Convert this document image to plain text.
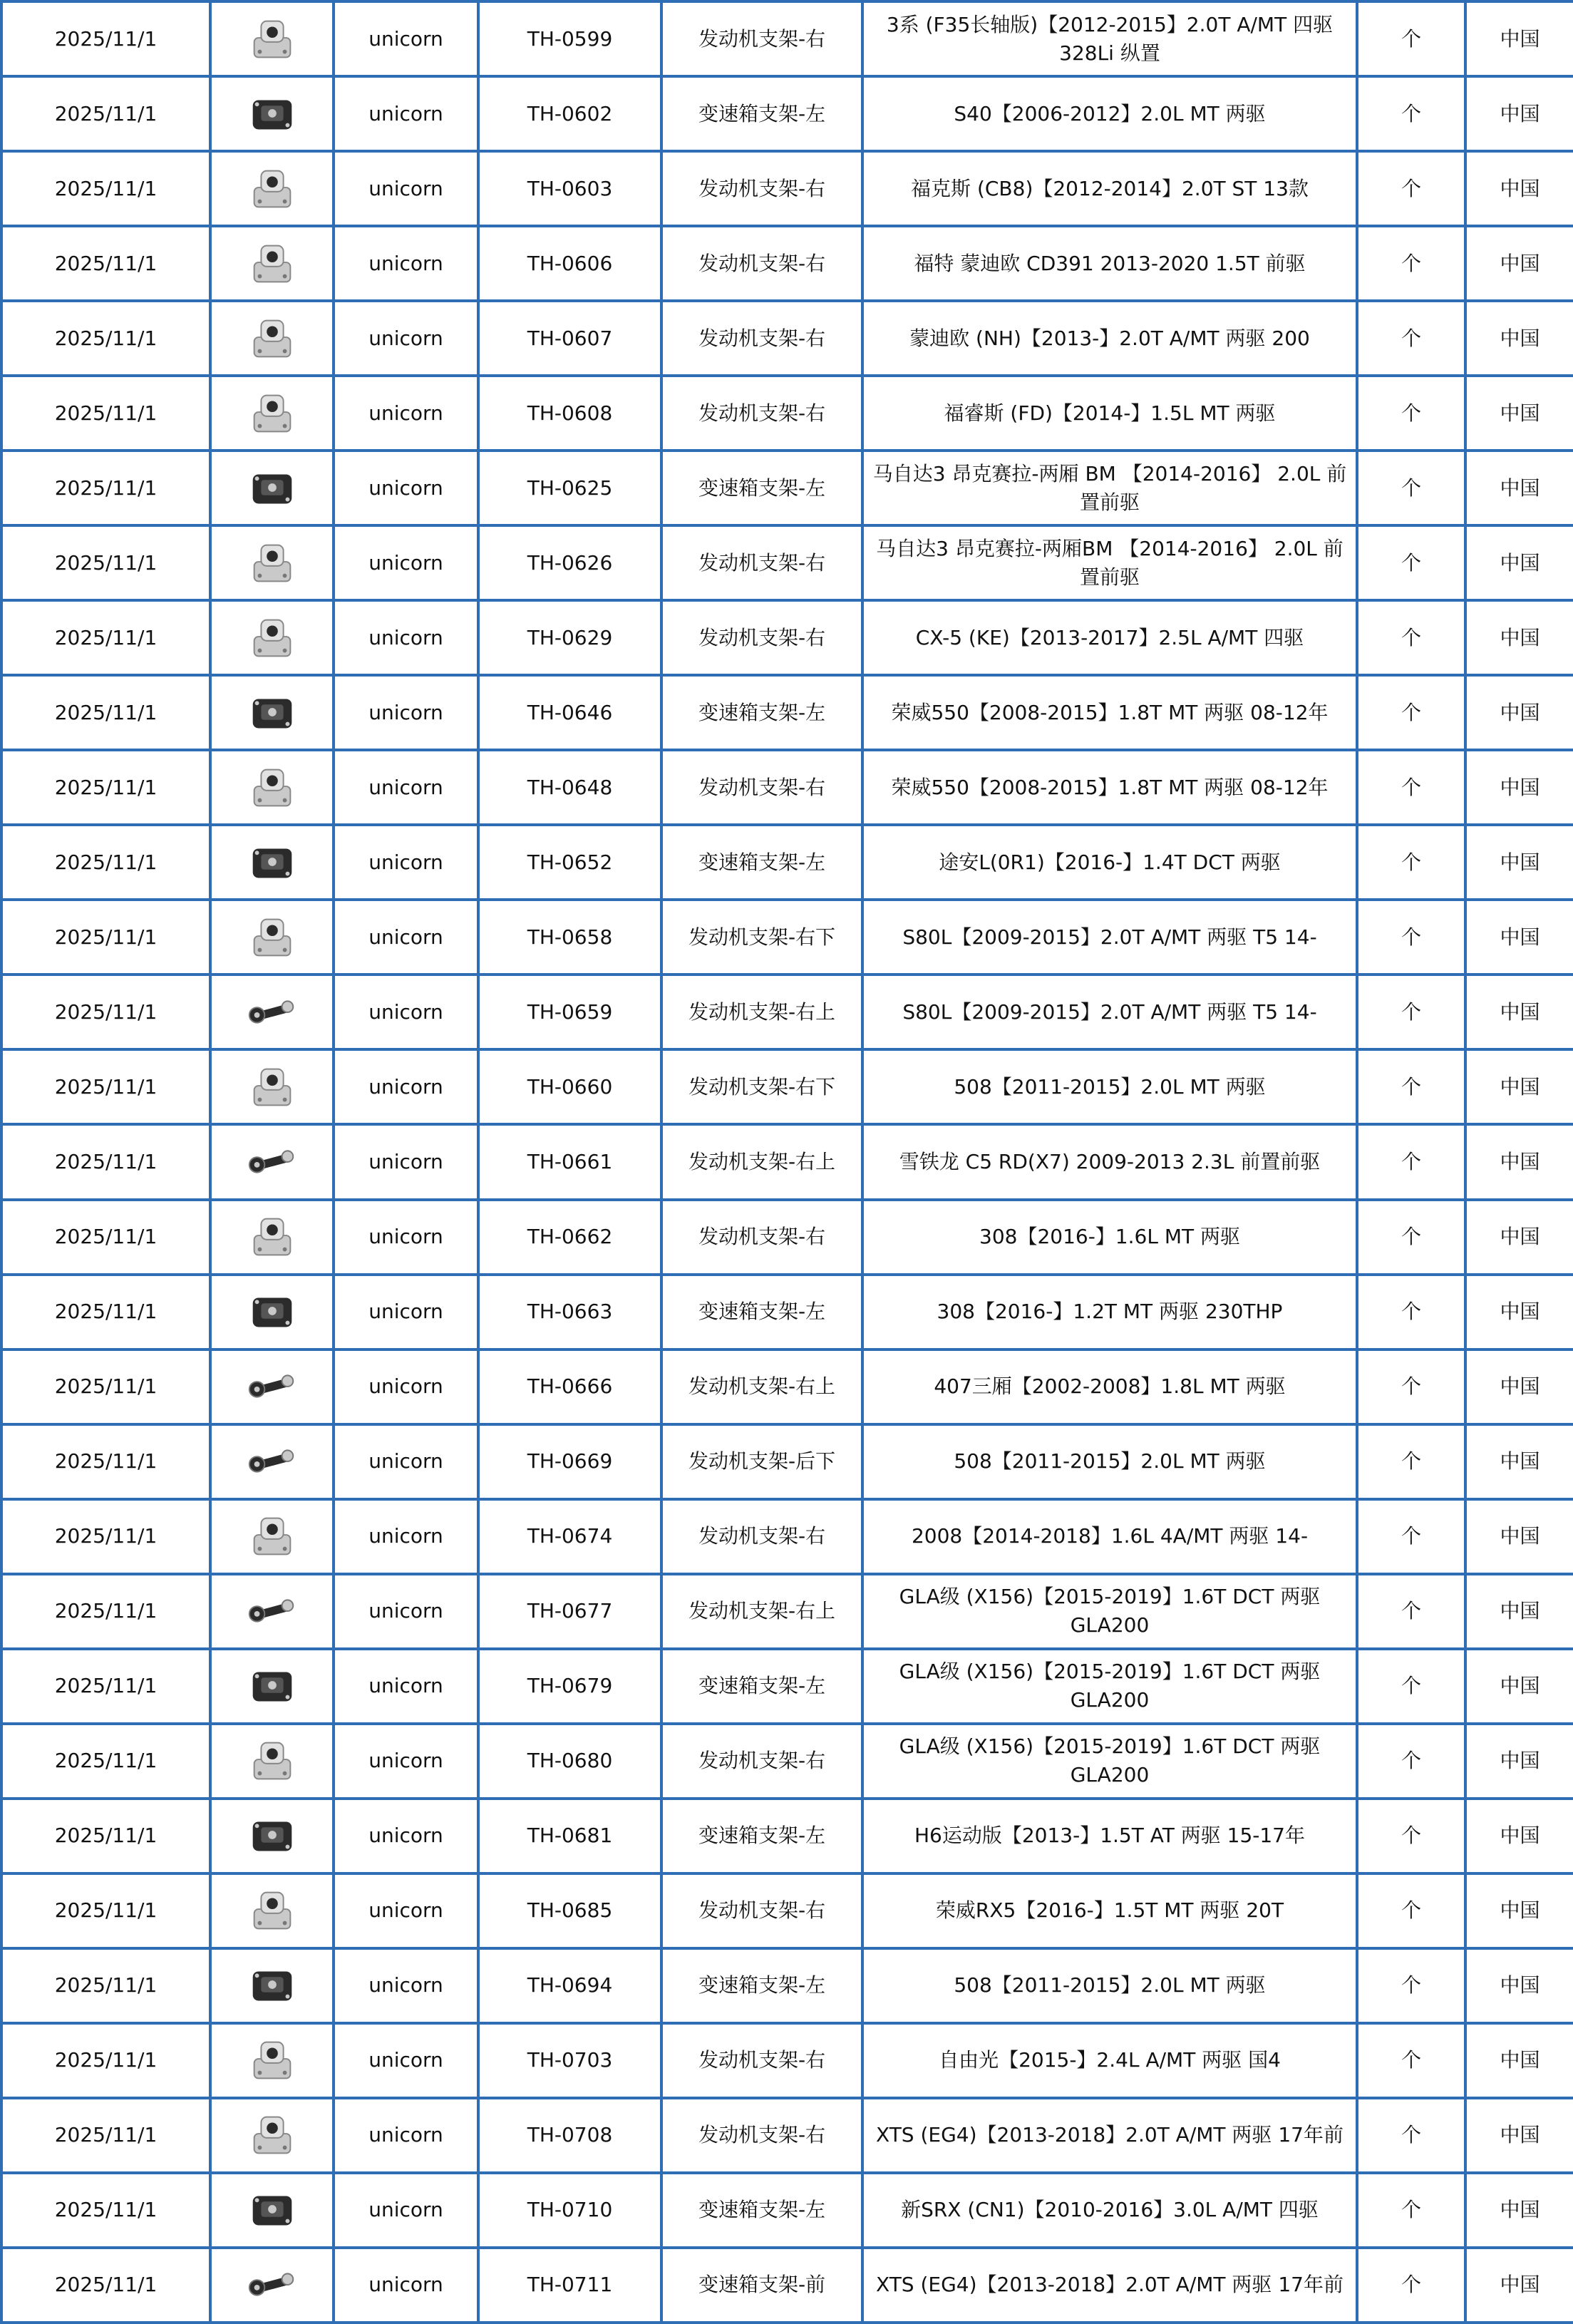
2025/11/1		unicorn	TH-0599	发动机支架-右	3系 (F35长轴版)【2012-2015】2.0T A/MT 四驱 328Li 纵置	个	中国
2025/11/1		unicorn	TH-0602	变速箱支架-左	S40【2006-2012】2.0L MT 两驱	个	中国
2025/11/1		unicorn	TH-0603	发动机支架-右	福克斯 (CB8)【2012-2014】2.0T ST 13款	个	中国
2025/11/1		unicorn	TH-0606	发动机支架-右	福特 蒙迪欧 CD391 2013-2020 1.5T 前驱	个	中国
2025/11/1		unicorn	TH-0607	发动机支架-右	蒙迪欧 (NH)【2013-】2.0T A/MT 两驱 200	个	中国
2025/11/1		unicorn	TH-0608	发动机支架-右	福睿斯 (FD)【2014-】1.5L MT 两驱	个	中国
2025/11/1		unicorn	TH-0625	变速箱支架-左	马自达3 昂克赛拉-两厢 BM 【2014-2016】 2.0L 前置前驱	个	中国
2025/11/1		unicorn	TH-0626	发动机支架-右	马自达3 昂克赛拉-两厢BM 【2014-2016】 2.0L 前置前驱	个	中国
2025/11/1		unicorn	TH-0629	发动机支架-右	CX-5 (KE)【2013-2017】2.5L A/MT 四驱	个	中国
2025/11/1		unicorn	TH-0646	变速箱支架-左	荣威550【2008-2015】1.8T MT 两驱 08-12年	个	中国
2025/11/1		unicorn	TH-0648	发动机支架-右	荣威550【2008-2015】1.8T MT 两驱 08-12年	个	中国
2025/11/1		unicorn	TH-0652	变速箱支架-左	途安L(0R1)【2016-】1.4T DCT 两驱	个	中国
2025/11/1		unicorn	TH-0658	发动机支架-右下	S80L【2009-2015】2.0T A/MT 两驱 T5 14-	个	中国
2025/11/1		unicorn	TH-0659	发动机支架-右上	S80L【2009-2015】2.0T A/MT 两驱 T5 14-	个	中国
2025/11/1		unicorn	TH-0660	发动机支架-右下	508【2011-2015】2.0L MT 两驱	个	中国
2025/11/1		unicorn	TH-0661	发动机支架-右上	雪铁龙 C5 RD(X7) 2009-2013 2.3L 前置前驱	个	中国
2025/11/1		unicorn	TH-0662	发动机支架-右	308【2016-】1.6L MT 两驱	个	中国
2025/11/1		unicorn	TH-0663	变速箱支架-左	308【2016-】1.2T MT 两驱 230THP	个	中国
2025/11/1		unicorn	TH-0666	发动机支架-右上	407三厢【2002-2008】1.8L MT 两驱	个	中国
2025/11/1		unicorn	TH-0669	发动机支架-后下	508【2011-2015】2.0L MT 两驱	个	中国
2025/11/1		unicorn	TH-0674	发动机支架-右	2008【2014-2018】1.6L 4A/MT 两驱 14-	个	中国
2025/11/1		unicorn	TH-0677	发动机支架-右上	GLA级 (X156)【2015-2019】1.6T DCT 两驱 GLA200	个	中国
2025/11/1		unicorn	TH-0679	变速箱支架-左	GLA级 (X156)【2015-2019】1.6T DCT 两驱 GLA200	个	中国
2025/11/1		unicorn	TH-0680	发动机支架-右	GLA级 (X156)【2015-2019】1.6T DCT 两驱 GLA200	个	中国
2025/11/1		unicorn	TH-0681	变速箱支架-左	H6运动版【2013-】1.5T AT 两驱 15-17年	个	中国
2025/11/1		unicorn	TH-0685	发动机支架-右	荣威RX5【2016-】1.5T MT 两驱 20T	个	中国
2025/11/1		unicorn	TH-0694	变速箱支架-左	508【2011-2015】2.0L MT 两驱	个	中国
2025/11/1		unicorn	TH-0703	发动机支架-右	自由光【2015-】2.4L A/MT 两驱 国4	个	中国
2025/11/1		unicorn	TH-0708	发动机支架-右	XTS (EG4)【2013-2018】2.0T A/MT 两驱 17年前	个	中国
2025/11/1		unicorn	TH-0710	变速箱支架-左	新SRX (CN1)【2010-2016】3.0L A/MT 四驱	个	中国
2025/11/1		unicorn	TH-0711	变速箱支架-前	XTS (EG4)【2013-2018】2.0T A/MT 两驱 17年前	个	中国
